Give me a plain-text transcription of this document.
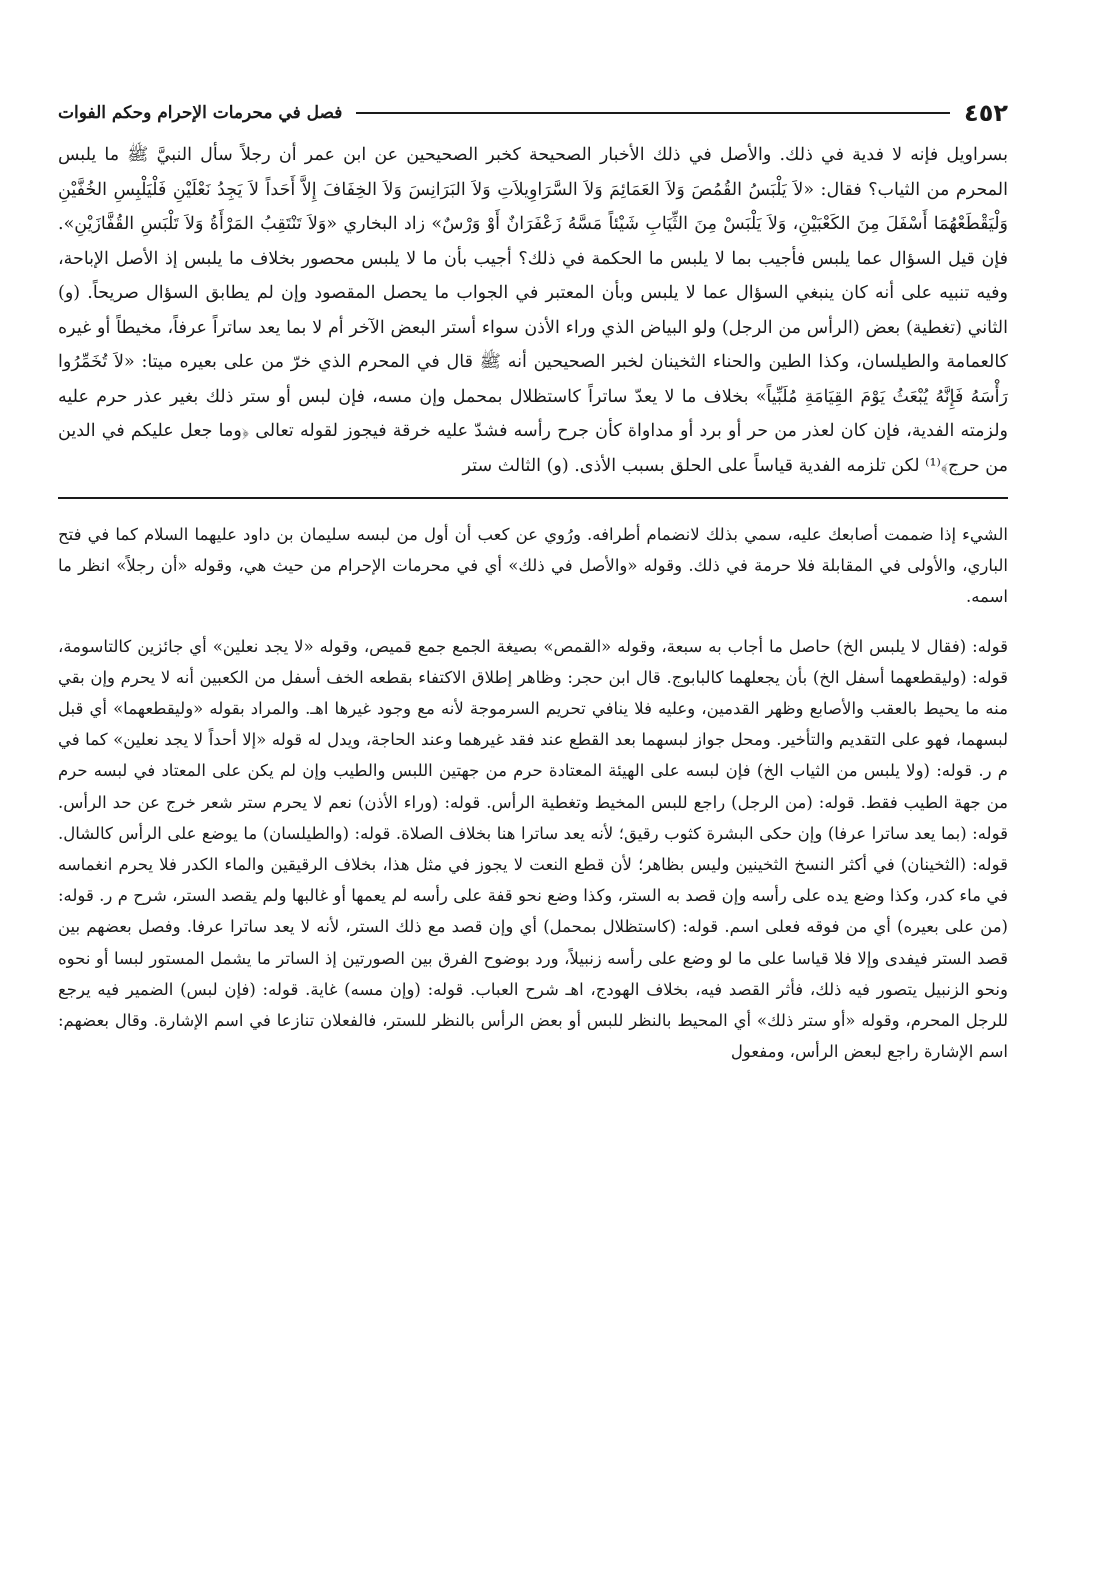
٤٥٢
فصل في محرمات الإحرام وحكم الفوات

بسراويل فإنه لا فدية في ذلك. والأصل في ذلك الأخبار الصحيحة كخبر الصحيحين عن ابن عمر أن رجلاً سأل النبيَّ ﷺ ما يلبس المحرم من الثياب؟ فقال: «لاَ يَلْبَسُ القُمُصَ وَلاَ العَمَائِمَ وَلاَ السَّرَاوِيلاَتِ وَلاَ البَرَانِسَ وَلاَ الخِفَافَ إِلاَّ أَحَداً لاَ يَجِدُ نَعْلَيْنِ فَلْيَلْبِسِ الخُفَّيْنِ وَلْيَقْطَعْهُمَا أَسْفَلَ مِنَ الكَعْبَيْنِ، وَلاَ يَلْبَسْ مِنَ الثِّيَابِ شَيْئاً مَسَّهُ زَعْفَرَانٌ أَوْ وَرْسٌ» زاد البخاري «وَلاَ تَنْتَقِبُ المَرْأَةُ وَلاَ تَلْبَسِ القُفَّازَيْنِ». فإن قيل السؤال عما يلبس فأجيب بما لا يلبس ما الحكمة في ذلك؟ أجيب بأن ما لا يلبس محصور بخلاف ما يلبس إذ الأصل الإباحة، وفيه تنبيه على أنه كان ينبغي السؤال عما لا يلبس وبأن المعتبر في الجواب ما يحصل المقصود وإن لم يطابق السؤال صريحاً. (و) الثاني (تغطية) بعض (الرأس من الرجل) ولو البياض الذي وراء الأذن سواء أستر البعض الآخر أم لا بما يعد ساتراً عرفاً، مخيطاً أو غيره كالعمامة والطيلسان، وكذا الطين والحناء الثخينان لخبر الصحيحين أنه ﷺ قال في المحرم الذي خرّ من على بعيره ميتا: «لاَ تُخَمِّرُوا رَأْسَهُ فَإِنَّهُ يُبْعَثُ يَوْمَ القِيَامَةِ مُلَبِّياً» بخلاف ما لا يعدّ ساتراً كاستظلال بمحمل وإن مسه، فإن لبس أو ستر ذلك بغير عذر حرم عليه ولزمته الفدية، فإن كان لعذر من حر أو برد أو مداواة كأن جرح رأسه فشدّ عليه خرقة فيجوز لقوله تعالى ﴿وما جعل عليكم في الدين من حرج﴾⁽¹⁾ لكن تلزمه الفدية قياساً على الحلق بسبب الأذى. (و) الثالث ستر

الشيء إذا ضممت أصابعك عليه، سمي بذلك لانضمام أطرافه. ورُوي عن كعب أن أول من لبسه سليمان بن داود عليهما السلام كما في فتح الباري، والأولى في المقابلة فلا حرمة في ذلك. وقوله «والأصل في ذلك» أي في محرمات الإحرام من حيث هي، وقوله «أن رجلاً» انظر ما اسمه.

قوله: (فقال لا يلبس الخ) حاصل ما أجاب به سبعة، وقوله «القمص» بصيغة الجمع جمع قميص، وقوله «لا يجد نعلين» أي جائزين كالتاسومة، قوله: (وليقطعهما أسفل الخ) بأن يجعلهما كالبابوج. قال ابن حجر: وظاهر إطلاق الاكتفاء بقطعه الخف أسفل من الكعبين أنه لا يحرم وإن بقي منه ما يحيط بالعقب والأصابع وظهر القدمين، وعليه فلا ينافي تحريم السرموجة لأنه مع وجود غيرها اهـ. والمراد بقوله «وليقطعهما» أي قبل لبسهما، فهو على التقديم والتأخير. ومحل جواز لبسهما بعد القطع عند فقد غيرهما وعند الحاجة، ويدل له قوله «إلا أحداً لا يجد نعلين» كما في م ر. قوله: (ولا يلبس من الثياب الخ) فإن لبسه على الهيئة المعتادة حرم من جهتين اللبس والطيب وإن لم يكن على المعتاد في لبسه حرم من جهة الطيب فقط. قوله: (من الرجل) راجع للبس المخيط وتغطية الرأس. قوله: (وراء الأذن) نعم لا يحرم ستر شعر خرج عن حد الرأس. قوله: (بما يعد ساترا عرفا) وإن حكى البشرة كثوب رقيق؛ لأنه يعد ساترا هنا بخلاف الصلاة. قوله: (والطيلسان) ما يوضع على الرأس كالشال. قوله: (الثخينان) في أكثر النسخ الثخينين وليس بظاهر؛ لأن قطع النعت لا يجوز في مثل هذا، بخلاف الرقيقين والماء الكدر فلا يحرم انغماسه في ماء كدر، وكذا وضع يده على رأسه وإن قصد به الستر، وكذا وضع نحو قفة على رأسه لم يعمها أو غالبها ولم يقصد الستر، شرح م ر. قوله: (من على بعيره) أي من فوقه فعلى اسم. قوله: (كاستظلال بمحمل) أي وإن قصد مع ذلك الستر، لأنه لا يعد ساترا عرفا. وفصل بعضهم بين قصد الستر فيفدى وإلا فلا قياسا على ما لو وضع على رأسه زنبيلاً، ورد بوضوح الفرق بين الصورتين إذ الساتر ما يشمل المستور لبسا أو نحوه ونحو الزنبيل يتصور فيه ذلك، فأثر القصد فيه، بخلاف الهودج، اهـ شرح العباب. قوله: (وإن مسه) غاية. قوله: (فإن لبس) الضمير فيه يرجع للرجل المحرم، وقوله «أو ستر ذلك» أي المحيط بالنظر للبس أو بعض الرأس بالنظر للستر، فالفعلان تنازعا في اسم الإشارة. وقال بعضهم: اسم الإشارة راجع لبعض الرأس، ومفعول
